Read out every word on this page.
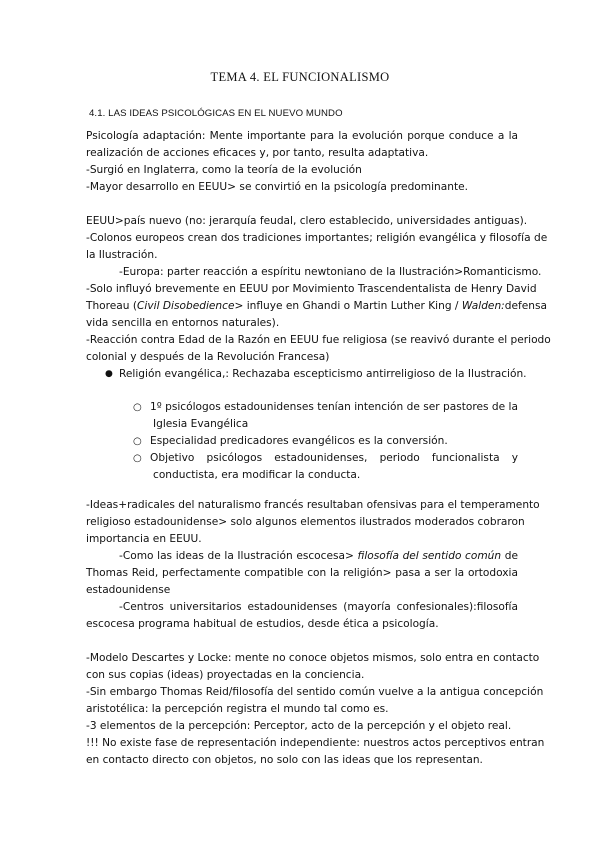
TEMA 4. EL FUNCIONALISMO
4.1. LAS IDEAS PSICOLÓGICAS EN EL NUEVO MUNDO
Psicología adaptación: Mente importante para la evolución porque conduce a la
realización de acciones eficaces y, por tanto, resulta adaptativa.
-Surgió en Inglaterra, como la teoría de la evolución
-Mayor desarrollo en EEUU> se convirtió en la psicología predominante.
EEUU>país nuevo (no: jerarquía feudal, clero establecido, universidades antiguas).
-Colonos europeos crean dos tradiciones importantes; religión evangélica y filosofía de
la Ilustración.
-Europa: parter reacción a espíritu newtoniano de la Ilustración>Romanticismo.
-Solo influyó brevemente en EEUU por Movimiento Trascendentalista de Henry David
Thoreau (Civil Disobedience> influye en Ghandi o Martin Luther King / Walden:defensa
vida sencilla en entornos naturales).
-Reacción contra Edad de la Razón en EEUU fue religiosa (se reavivó durante el periodo
colonial y después de la Revolución Francesa)
● Religión evangélica,: Rechazaba escepticismo antirreligioso de la Ilustración.
○ 1º psicólogos estadounidenses tenían intención de ser pastores de la
Iglesia Evangélica
○ Especialidad predicadores evangélicos es la conversión.
○ Objetivo psicólogos estadounidenses, periodo funcionalista y
conductista, era modificar la conducta.
-Ideas+radicales del naturalismo francés resultaban ofensivas para el temperamento
religioso estadounidense> solo algunos elementos ilustrados moderados cobraron
importancia en EEUU.
-Como las ideas de la Ilustración escocesa> filosofía del sentido común de
Thomas Reid, perfectamente compatible con la religión> pasa a ser la ortodoxia
estadounidense
-Centros universitarios estadounidenses (mayoría confesionales):filosofía
escocesa programa habitual de estudios, desde ética a psicología.
-Modelo Descartes y Locke: mente no conoce objetos mismos, solo entra en contacto
con sus copias (ideas) proyectadas en la conciencia.
-Sin embargo Thomas Reid/filosofía del sentido común vuelve a la antigua concepción
aristotélica: la percepción registra el mundo tal como es.
-3 elementos de la percepción: Perceptor, acto de la percepción y el objeto real.
!!! No existe fase de representación independiente: nuestros actos perceptivos entran
en contacto directo con objetos, no solo con las ideas que los representan.
